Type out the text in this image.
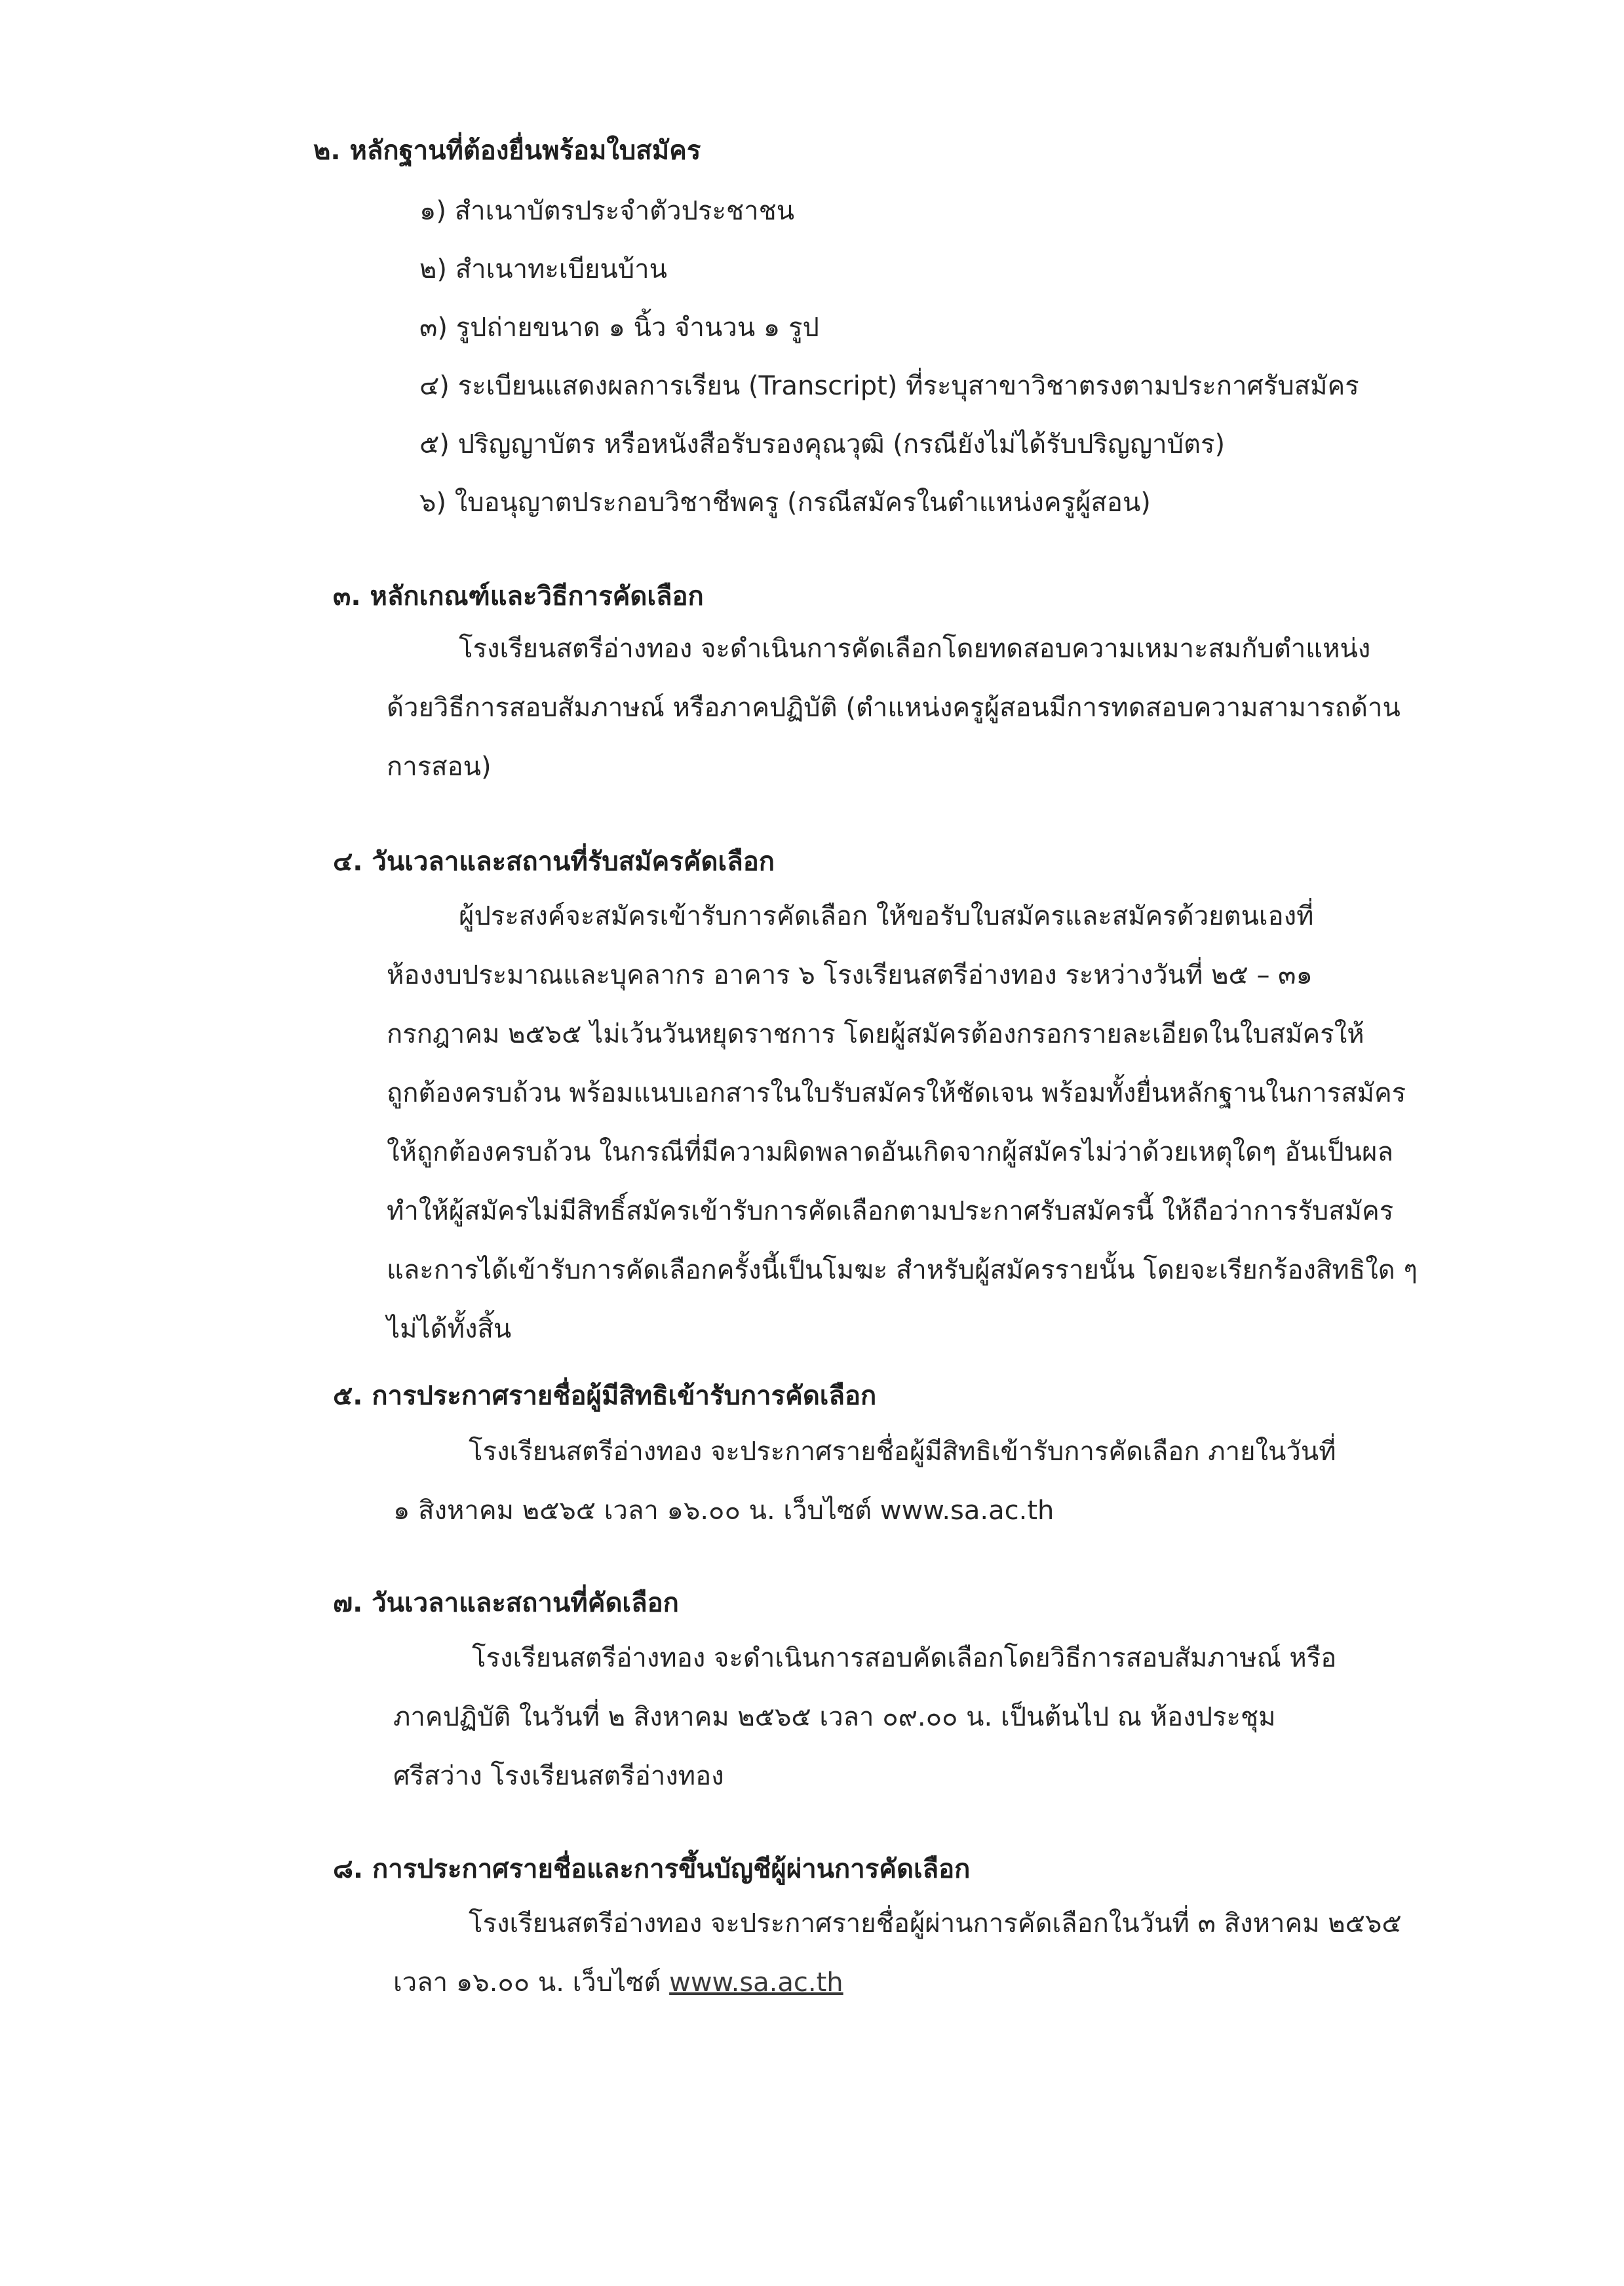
๒. หลักฐานที่ต้องยื่นพร้อมใบสมัคร
๑) สำเนาบัตรประจำตัวประชาชน
๒) สำเนาทะเบียนบ้าน
๓) รูปถ่ายขนาด ๑ นิ้ว จำนวน ๑ รูป
๔) ระเบียนแสดงผลการเรียน (Transcript) ที่ระบุสาขาวิชาตรงตามประกาศรับสมัคร
๕) ปริญญาบัตร หรือหนังสือรับรองคุณวุฒิ (กรณียังไม่ได้รับปริญญาบัตร)
๖) ใบอนุญาตประกอบวิชาชีพครู (กรณีสมัครในตำแหน่งครูผู้สอน)
๓. หลักเกณฑ์และวิธีการคัดเลือก
โรงเรียนสตรีอ่างทอง จะดำเนินการคัดเลือกโดยทดสอบความเหมาะสมกับตำแหน่ง
ด้วยวิธีการสอบสัมภาษณ์ หรือภาคปฏิบัติ (ตำแหน่งครูผู้สอนมีการทดสอบความสามารถด้าน
การสอน)
๔. วันเวลาและสถานที่รับสมัครคัดเลือก
ผู้ประสงค์จะสมัครเข้ารับการคัดเลือก ให้ขอรับใบสมัครและสมัครด้วยตนเองที่
ห้องงบประมาณและบุคลากร อาคาร ๖ โรงเรียนสตรีอ่างทอง ระหว่างวันที่ ๒๕ – ๓๑
กรกฎาคม ๒๕๖๕ ไม่เว้นวันหยุดราชการ โดยผู้สมัครต้องกรอกรายละเอียดในใบสมัครให้
ถูกต้องครบถ้วน พร้อมแนบเอกสารในใบรับสมัครให้ชัดเจน พร้อมทั้งยื่นหลักฐานในการสมัคร
ให้ถูกต้องครบถ้วน ในกรณีที่มีความผิดพลาดอันเกิดจากผู้สมัครไม่ว่าด้วยเหตุใดๆ อันเป็นผล
ทำให้ผู้สมัครไม่มีสิทธิ์สมัครเข้ารับการคัดเลือกตามประกาศรับสมัครนี้ ให้ถือว่าการรับสมัคร
และการได้เข้ารับการคัดเลือกครั้งนี้เป็นโมฆะ สำหรับผู้สมัครรายนั้น โดยจะเรียกร้องสิทธิใด ๆ
ไม่ได้ทั้งสิ้น
๕. การประกาศรายชื่อผู้มีสิทธิเข้ารับการคัดเลือก
โรงเรียนสตรีอ่างทอง จะประกาศรายชื่อผู้มีสิทธิเข้ารับการคัดเลือก ภายในวันที่
๑ สิงหาคม ๒๕๖๕ เวลา ๑๖.๐๐ น. เว็บไซต์ www.sa.ac.th
๗. วันเวลาและสถานที่คัดเลือก
โรงเรียนสตรีอ่างทอง จะดำเนินการสอบคัดเลือกโดยวิธีการสอบสัมภาษณ์ หรือ
ภาคปฏิบัติ ในวันที่ ๒ สิงหาคม ๒๕๖๕ เวลา ๐๙.๐๐ น. เป็นต้นไป ณ ห้องประชุม
ศรีสว่าง โรงเรียนสตรีอ่างทอง
๘. การประกาศรายชื่อและการขึ้นบัญชีผู้ผ่านการคัดเลือก
โรงเรียนสตรีอ่างทอง จะประกาศรายชื่อผู้ผ่านการคัดเลือกในวันที่ ๓ สิงหาคม ๒๕๖๕
เวลา ๑๖.๐๐ น. เว็บไซต์ www.sa.ac.th
